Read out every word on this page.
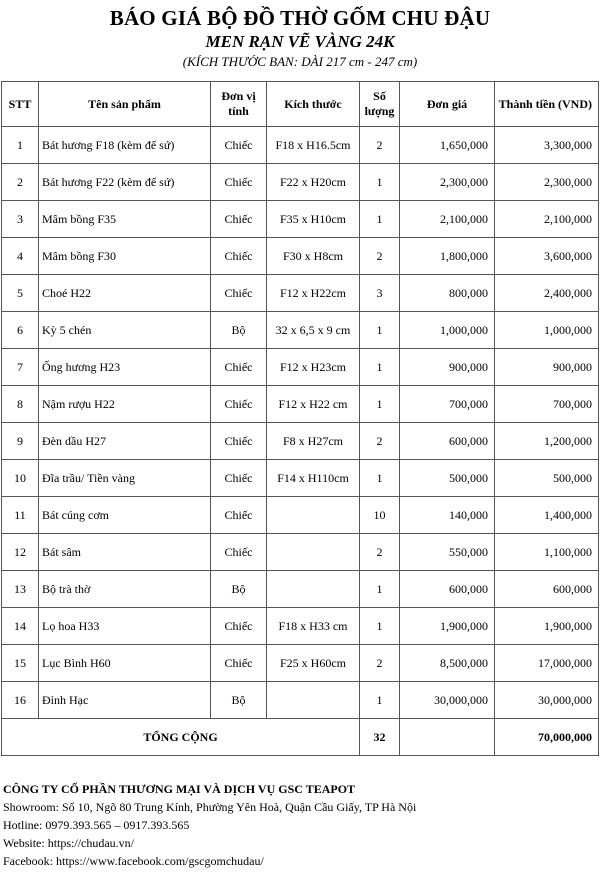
BÁO GIÁ BỘ ĐỒ THỜ GỐM CHU ĐẬU
MEN RẠN VẼ VÀNG 24K
(KÍCH THƯỚC BAN: DÀI 217 cm - 247 cm)
STT	Tên sản phẩm	Đơn vị tính	Kích thước	Số lượng	Đơn giá	Thành tiền (VND)
1	Bát hương F18 (kèm đế sứ)	Chiếc	F18 x H16.5cm	2	1,650,000	3,300,000
2	Bát hương F22 (kèm đế sứ)	Chiếc	F22 x H20cm	1	2,300,000	2,300,000
3	Mâm bồng F35	Chiếc	F35 x H10cm	1	2,100,000	2,100,000
4	Mâm bồng F30	Chiếc	F30 x H8cm	2	1,800,000	3,600,000
5	Choé H22	Chiếc	F12 x H22cm	3	800,000	2,400,000
6	Kỳ 5 chén	Bộ	32 x 6,5 x 9 cm	1	1,000,000	1,000,000
7	Ống hương H23	Chiếc	F12 x H23cm	1	900,000	900,000
8	Nậm rượu H22	Chiếc	F12 x H22 cm	1	700,000	700,000
9	Đèn dầu H27	Chiếc	F8 x H27cm	2	600,000	1,200,000
10	Đĩa trầu/ Tiền vàng	Chiếc	F14 x H110cm	1	500,000	500,000
11	Bát cúng cơm	Chiếc		10	140,000	1,400,000
12	Bát sâm	Chiếc		2	550,000	1,100,000
13	Bộ trà thờ	Bộ		1	600,000	600,000
14	Lọ hoa H33	Chiếc	F18 x H33 cm	1	1,900,000	1,900,000
15	Lục Bình H60	Chiếc	F25 x H60cm	2	8,500,000	17,000,000
16	Đỉnh Hạc	Bộ		1	30,000,000	30,000,000
TỔNG CỘNG				32		70,000,000
CÔNG TY CỔ PHẦN THƯƠNG MẠI VÀ DỊCH VỤ GSC TEAPOT
Showroom: Số 10, Ngõ 80 Trung Kính, Phường Yên Hoà, Quận Cầu Giấy, TP Hà Nội
Hotline: 0979.393.565 – 0917.393.565
Website: https://chudau.vn/
Facebook: https://www.facebook.com/gscgomchudau/
